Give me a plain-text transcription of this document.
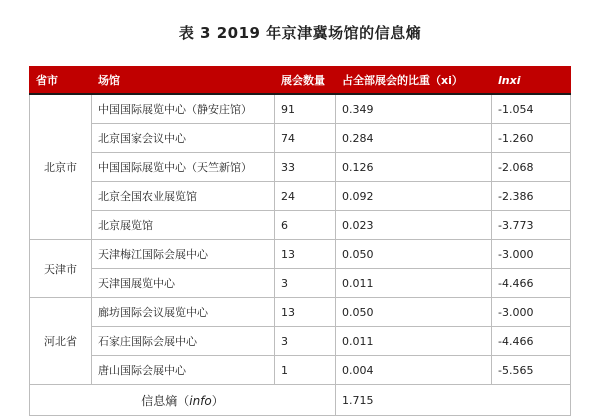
表 3 2019 年京津冀场馆的信息熵
省市	场馆	展会数量	占全部展会的比重（xi）	lnxi
北京市	中国国际展览中心（静安庄馆）	91	0.349	-1.054
	北京国家会议中心	74	0.284	-1.260
	中国国际展览中心（天竺新馆）	33	0.126	-2.068
	北京全国农业展览馆	24	0.092	-2.386
	北京展览馆	6	0.023	-3.773
天津市	天津梅江国际会展中心	13	0.050	-3.000
	天津国展览中心	3	0.011	-4.466
河北省	廊坊国际会议展览中心	13	0.050	-3.000
	石家庄国际会展中心	3	0.011	-4.466
	唐山国际会展中心	1	0.004	-5.565
信息熵（info）			1.715	
